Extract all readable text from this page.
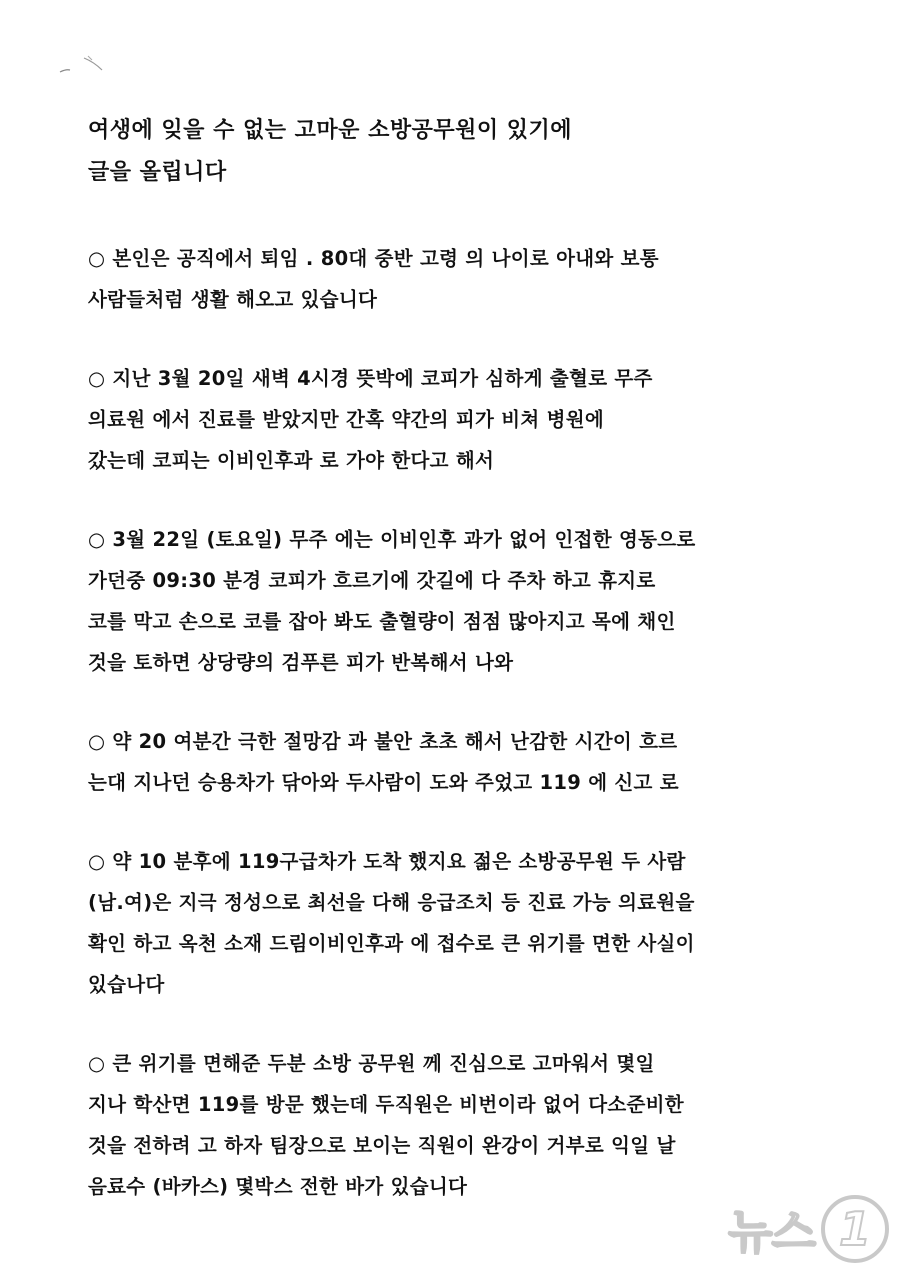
여생에 잊을 수 없는 고마운 소방공무원이 있기에
글을 올립니다
○ 본인은 공직에서 퇴임 . 80대 중반 고령 의 나이로 아내와 보통
사람들처럼 생활 해오고 있습니다
○ 지난 3월 20일 새벽 4시경 뜻박에 코피가 심하게 출혈로 무주
의료원 에서 진료를 받았지만 간혹 약간의 피가 비쳐 병원에
갔는데 코피는 이비인후과 로 가야 한다고 해서
○ 3월 22일 (토요일) 무주 에는 이비인후 과가 없어 인접한 영동으로
가던중 09:30 분경 코피가 흐르기에 갓길에 다 주차 하고 휴지로
코를 막고 손으로 코를 잡아 봐도 출혈량이 점점 많아지고 목에 채인
것을 토하면 상당량의 검푸른 피가 반복해서 나와
○ 약 20 여분간 극한 절망감 과 불안 초초 해서 난감한 시간이 흐르
는대 지나던 승용차가 닦아와 두사람이 도와 주었고 119 에 신고 로
○ 약 10 분후에 119구급차가 도착 했지요 젊은 소방공무원 두 사람
(남.여)은 지극 정성으로 최선을 다해 응급조치 등 진료 가능 의료원을
확인 하고 옥천 소재 드림이비인후과 에 접수로 큰 위기를 면한 사실이
있습나다
○ 큰 위기를 면해준 두분 소방 공무원 께 진심으로 고마워서 몇일
지나 학산면 119를 방문 했는데 두직원은 비번이라 없어 다소준비한
것을 전하려 고 하자 팀장으로 보이는 직원이 완강이 거부로 익일 날
음료수 (바카스) 몇박스 전한 바가 있습니다
뉴스 1
